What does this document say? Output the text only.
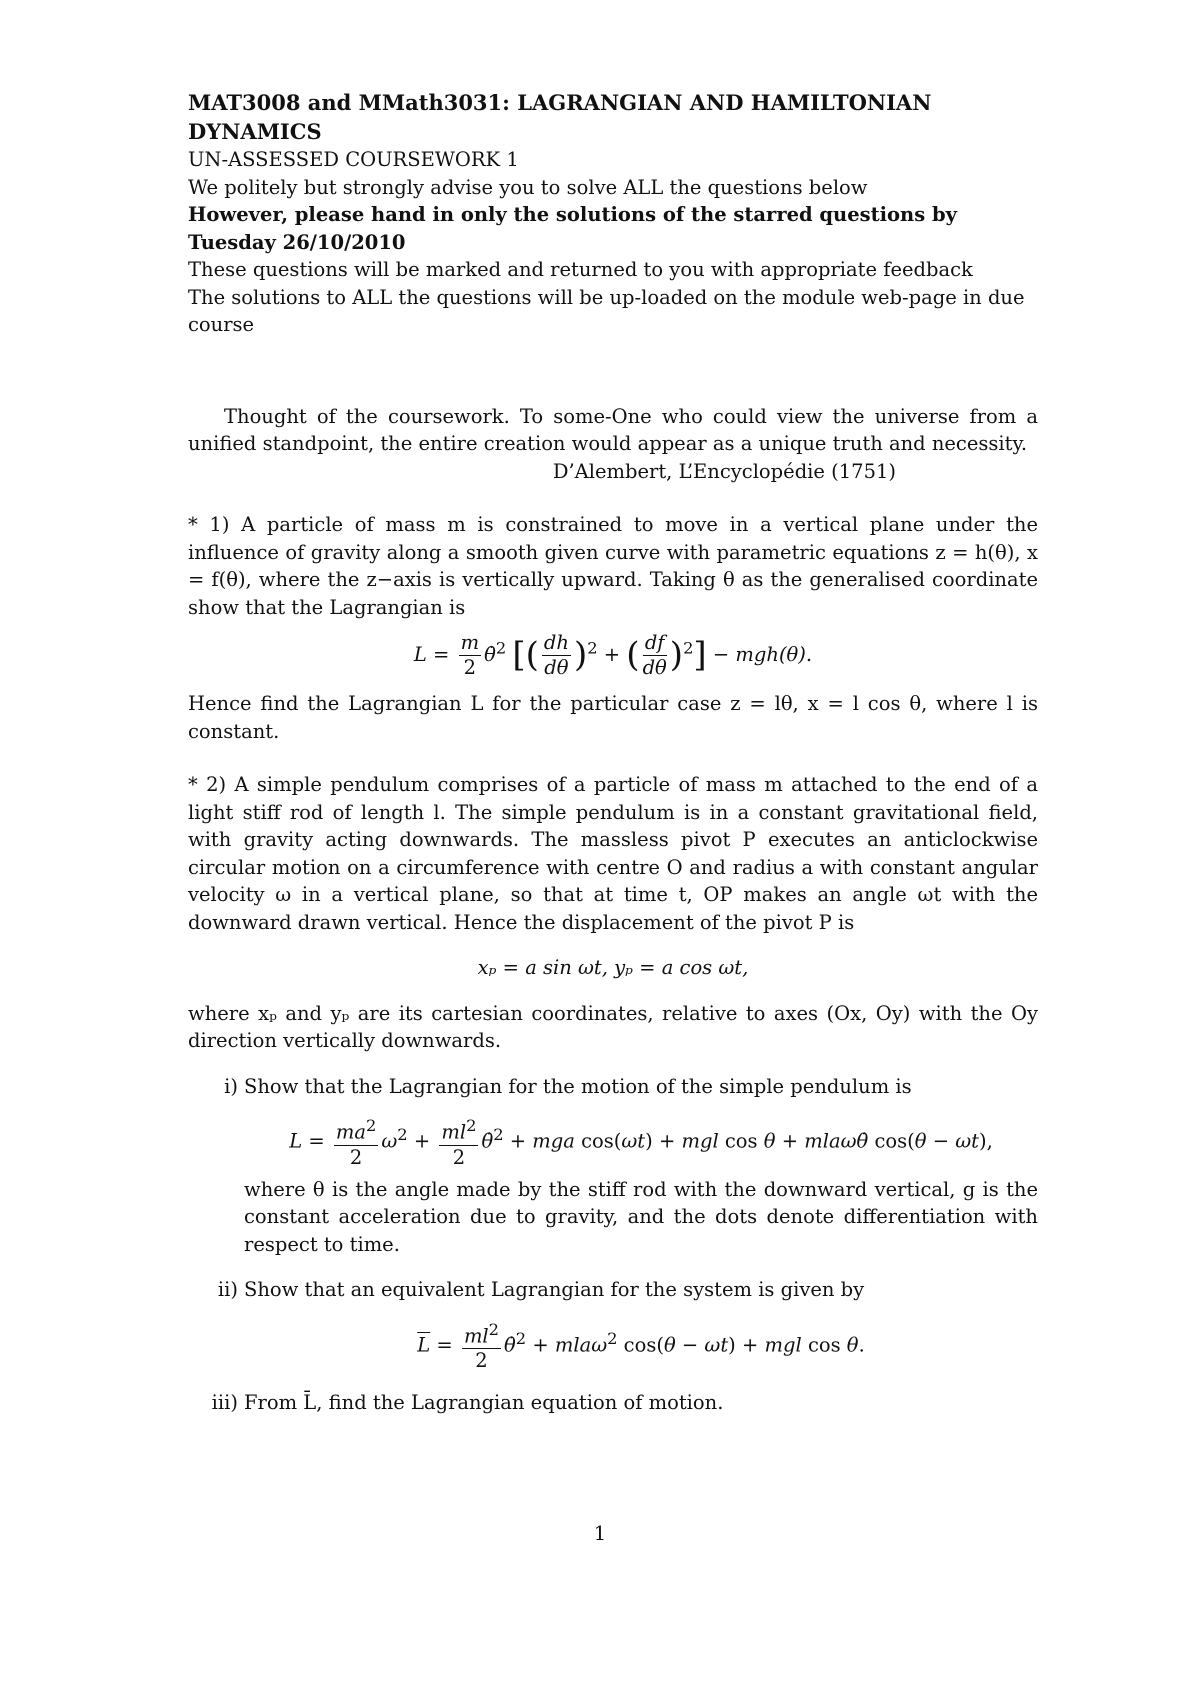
MAT3008 and MMath3031: LAGRANGIAN AND HAMILTONIAN DYNAMICS

UN-ASSESSED COURSEWORK 1

We politely but strongly advise you to solve ALL the questions below

However, please hand in only the solutions of the starred questions by Tuesday 26/10/2010

These questions will be marked and returned to you with appropriate feedback

The solutions to ALL the questions will be up-loaded on the module web-page in due course

Thought of the coursework. To some-One who could view the universe from a unified standpoint, the entire creation would appear as a unique truth and necessity.

D’Alembert, L’Encyclopédie (1751)

* 1) A particle of mass m is constrained to move in a vertical plane under the influence of gravity along a smooth given curve with parametric equations z = h(θ), x = f(θ), where the z−axis is vertically upward. Taking θ as the generalised coordinate show that the Lagrangian is

$L = \frac{m}{2}$ θ̇$^2$ [( $\frac{dh}{d\theta} )^2$ + ( $\frac{df}{d\theta} )^2] - mgh(\theta)$.

Hence find the Lagrangian L for the particular case z = lθ, x = l cos θ, where l is constant.

* 2) A simple pendulum comprises of a particle of mass m attached to the end of a light stiff rod of length l. The simple pendulum is in a constant gravitational field, with gravity acting downwards. The massless pivot P executes an anticlockwise circular motion on a circumference with centre O and radius a with constant angular velocity ω in a vertical plane, so that at time t, OP makes an angle ωt with the downward drawn vertical. Hence the displacement of the pivot P is

xₚ = a sin ωt, yₚ = a cos ωt,

where xₚ and yₚ are its cartesian coordinates, relative to axes (Ox, Oy) with the Oy direction vertically downwards.

i) Show that the Lagrangian for the motion of the simple pendulum is

$L = \frac{ma^2}{2} \omega^2 + \frac{ml^2}{2}$ θ̇$^2$ + mga cos(ωt) + mgl cos θ + mlaωθ̇ cos(θ − ωt),

where θ is the angle made by the stiff rod with the downward vertical, g is the constant acceleration due to gravity, and the dots denote differentiation with respect to time.

ii) Show that an equivalent Lagrangian for the system is given by

$\overline{L} = \frac{ml^2}{2}$ θ̇$^2$ + mlaω$^2$ cos(θ − ωt) + mgl cos θ.

iii) From L̄, find the Lagrangian equation of motion.

1
